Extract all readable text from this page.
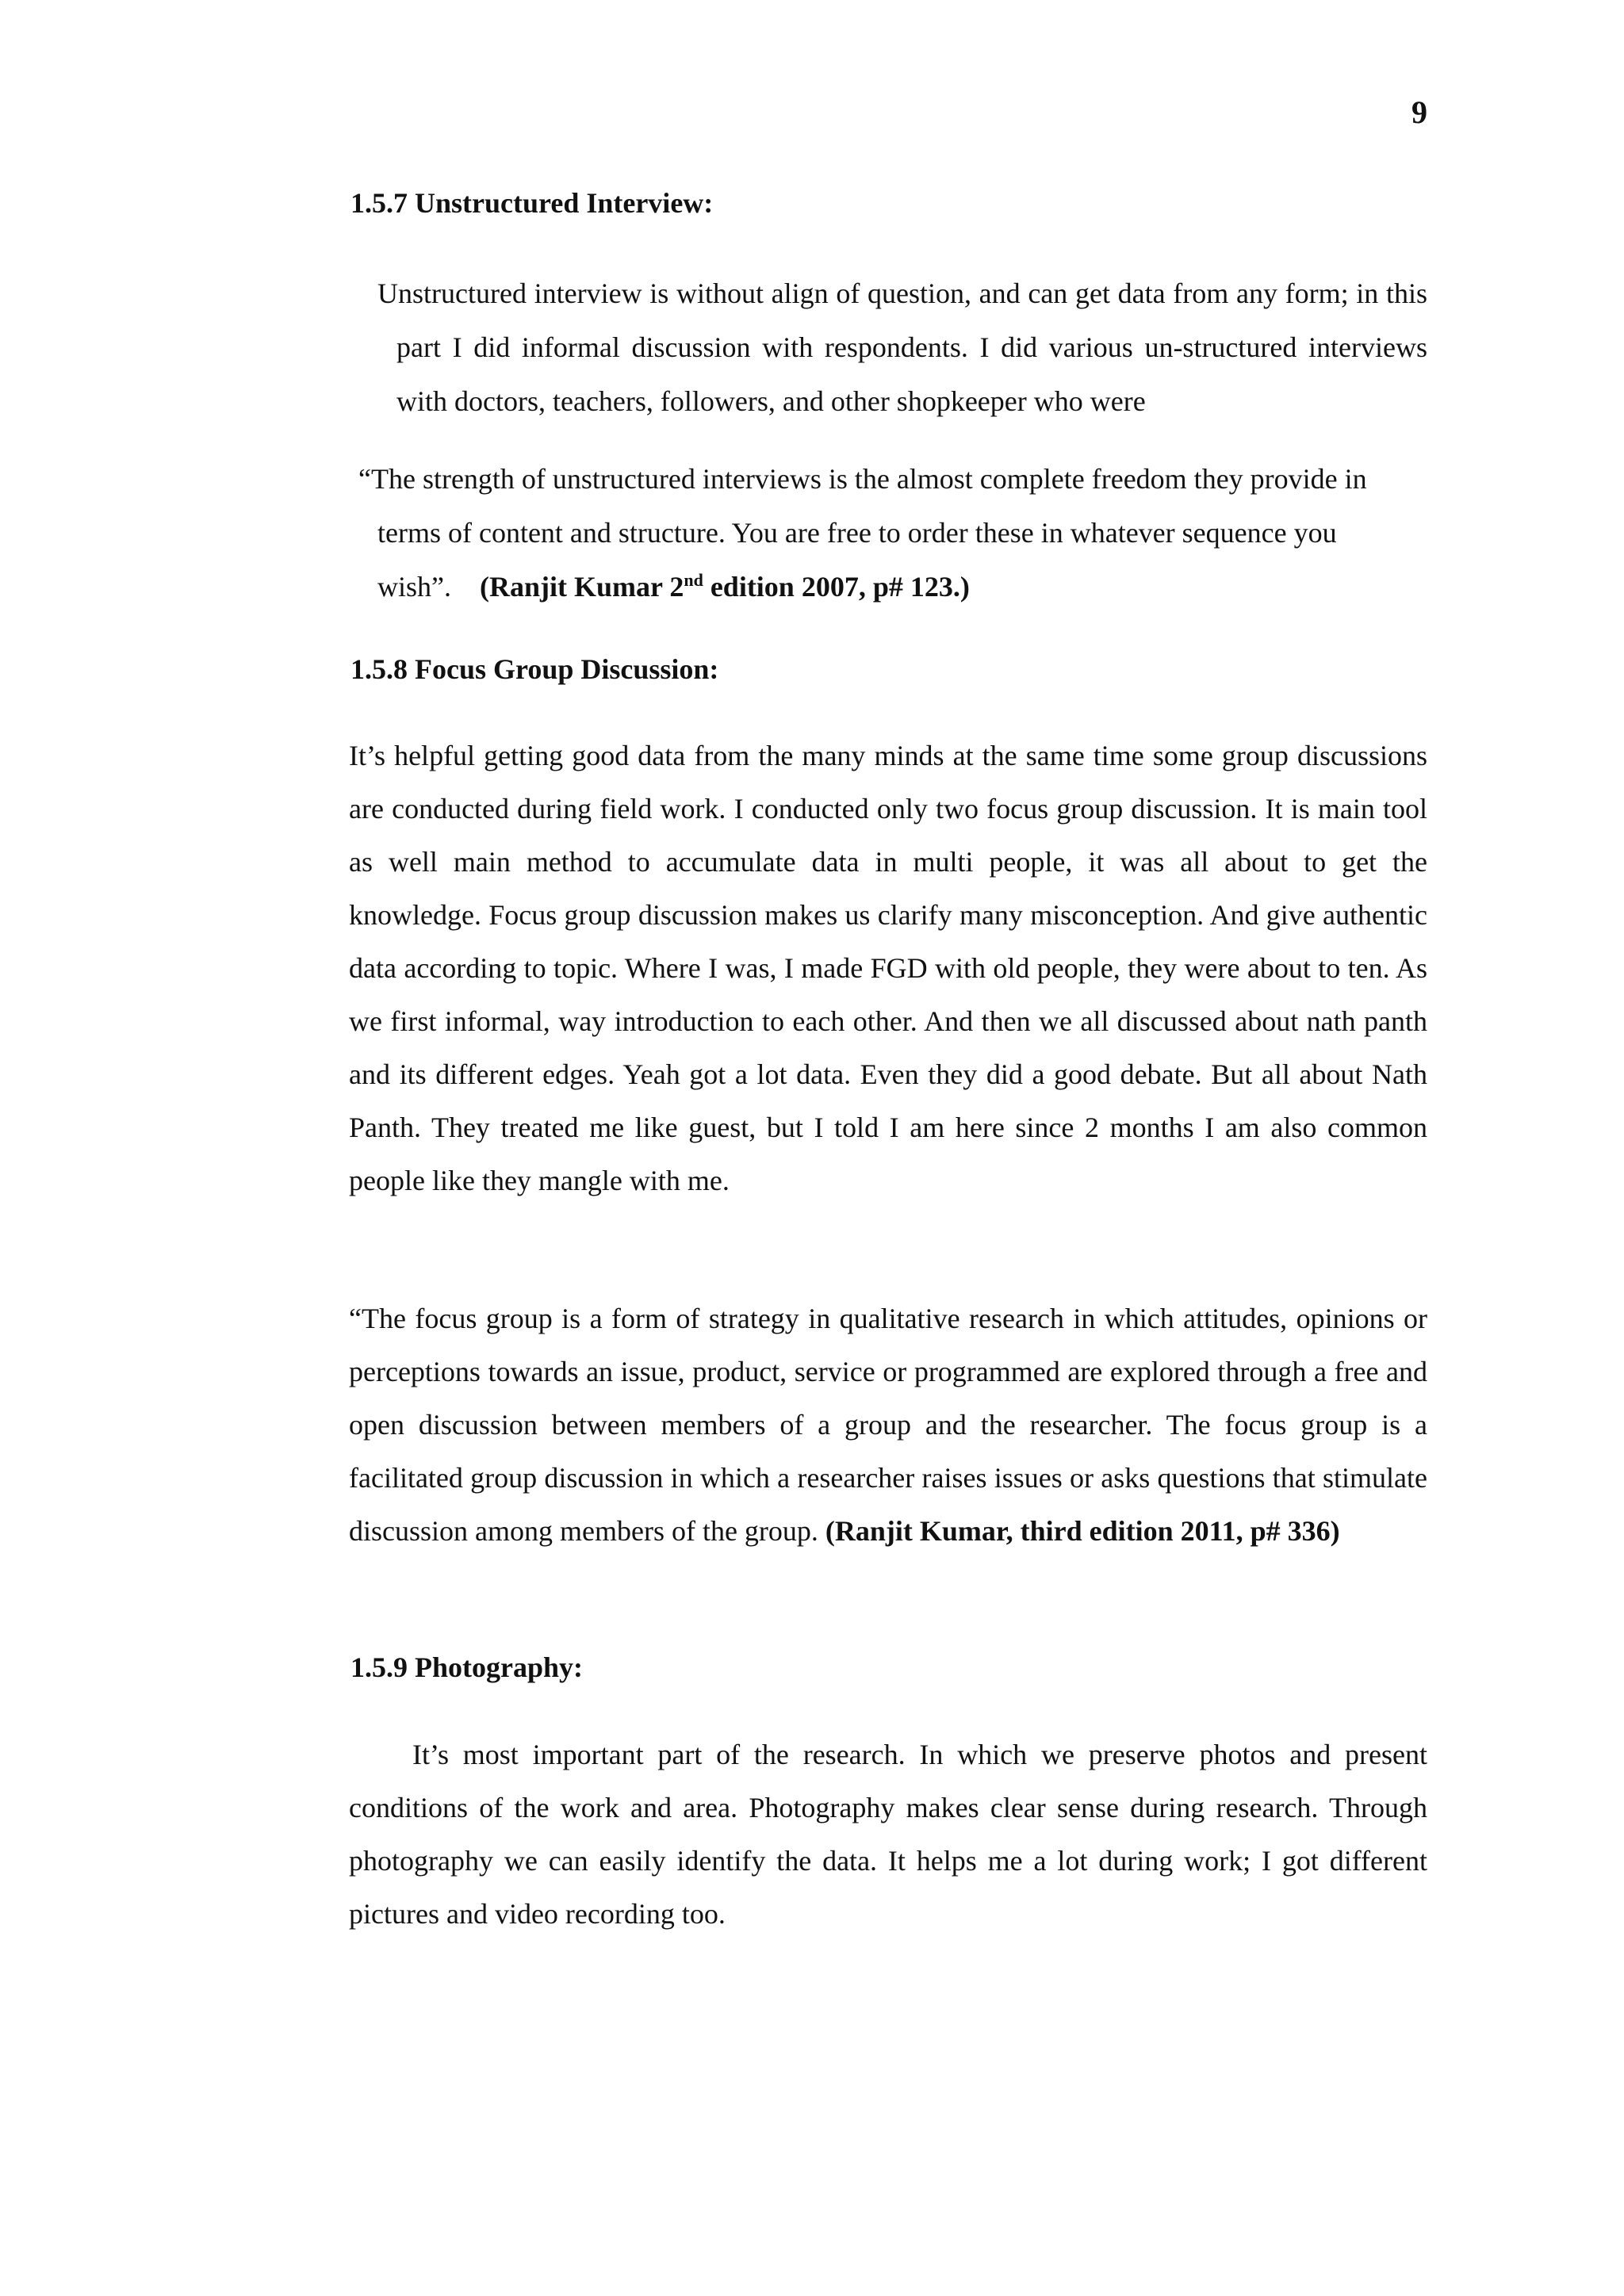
9

1.5.7 Unstructured Interview:

Unstructured interview is without align of question, and can get data from any form; in this part I did informal discussion with respondents. I did various un-structured interviews with doctors, teachers, followers, and other shopkeeper who were

“The strength of unstructured interviews is the almost complete freedom they provide in terms of content and structure. You are free to order these in whatever sequence you wish”. (Ranjit Kumar 2nd edition 2007, p# 123.)

1.5.8 Focus Group Discussion:

It’s helpful getting good data from the many minds at the same time some group discussions are conducted during field work. I conducted only two focus group discussion. It is main tool as well main method to accumulate data in multi people, it was all about to get the knowledge. Focus group discussion makes us clarify many misconception. And give authentic data according to topic. Where I was, I made FGD with old people, they were about to ten. As we first informal, way introduction to each other. And then we all discussed about nath panth and its different edges. Yeah got a lot data. Even they did a good debate. But all about Nath Panth. They treated me like guest, but I told I am here since 2 months I am also common people like they mangle with me.

“The focus group is a form of strategy in qualitative research in which attitudes, opinions or perceptions towards an issue, product, service or programmed are explored through a free and open discussion between members of a group and the researcher. The focus group is a facilitated group discussion in which a researcher raises issues or asks questions that stimulate discussion among members of the group. (Ranjit Kumar, third edition 2011, p# 336)

1.5.9 Photography:

It’s most important part of the research. In which we preserve photos and present conditions of the work and area. Photography makes clear sense during research. Through photography we can easily identify the data. It helps me a lot during work; I got different pictures and video recording too.
